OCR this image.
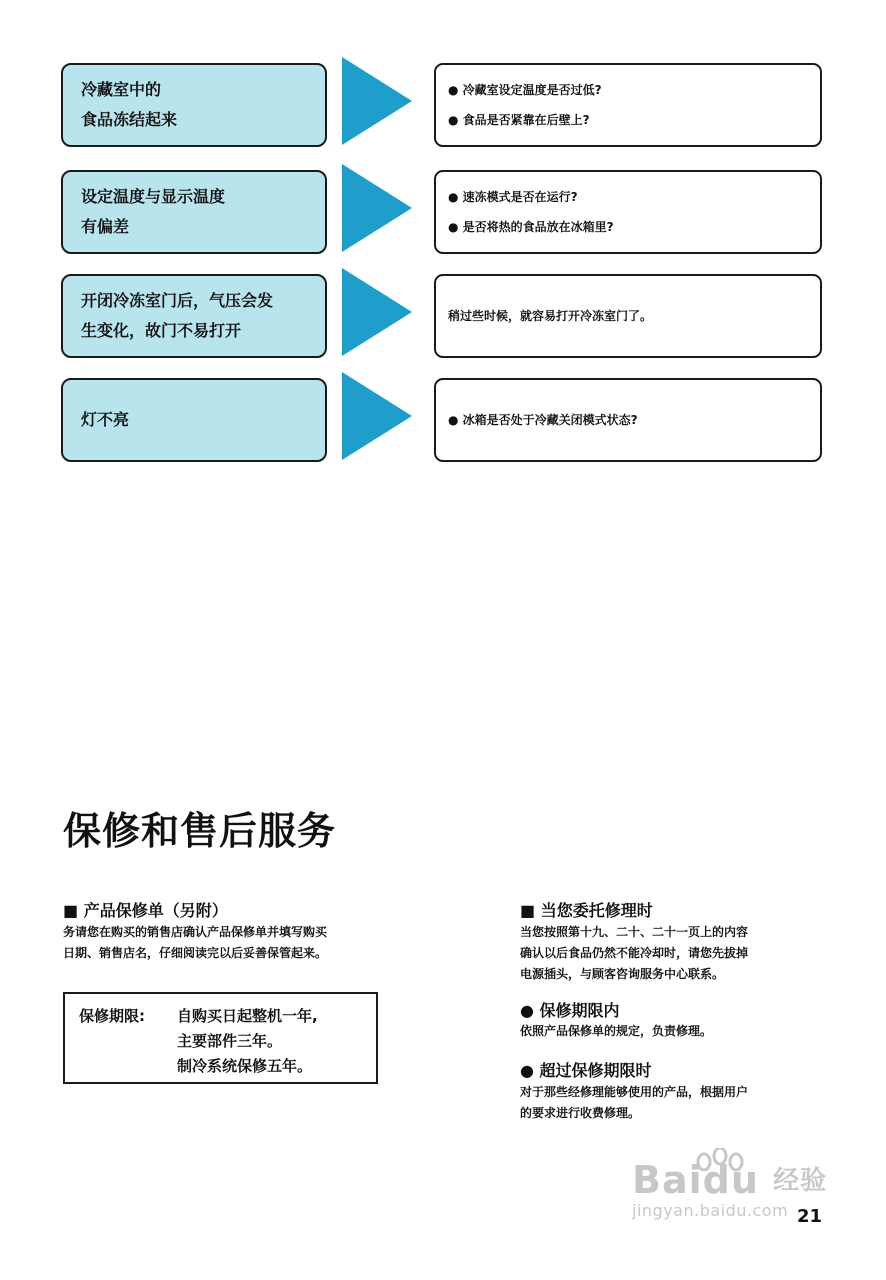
冷藏室中的
食品冻结起来
● 冷藏室设定温度是否过低?
● 食品是否紧靠在后壁上?
设定温度与显示温度
有偏差
● 速冻模式是否在运行?
● 是否将热的食品放在冰箱里?
开闭冷冻室门后，气压会发
生变化，故门不易打开
稍过些时候，就容易打开冷冻室门了。
灯不亮	● 冰箱是否处于冷藏关闭模式状态?
保修和售后服务
■ 产品保修单（另附）
务请您在购买的销售店确认产品保修单并填写购买
日期、销售店名，仔细阅读完以后妥善保管起来。
保修期限: 自购买日起整机一年,
主要部件三年。
制冷系统保修五年。
■ 当您委托修理时
当您按照第十九、二十、二十一页上的内容
确认以后食品仍然不能冷却时，请您先拔掉
电源插头，与顾客咨询服务中心联系。
● 保修期限内
依照产品保修单的规定，负责修理。
● 超过保修期限时
对于那些经修理能够使用的产品，根据用户
的要求进行收费修理。
Baidu 经验
jingyan.baidu.com 21
